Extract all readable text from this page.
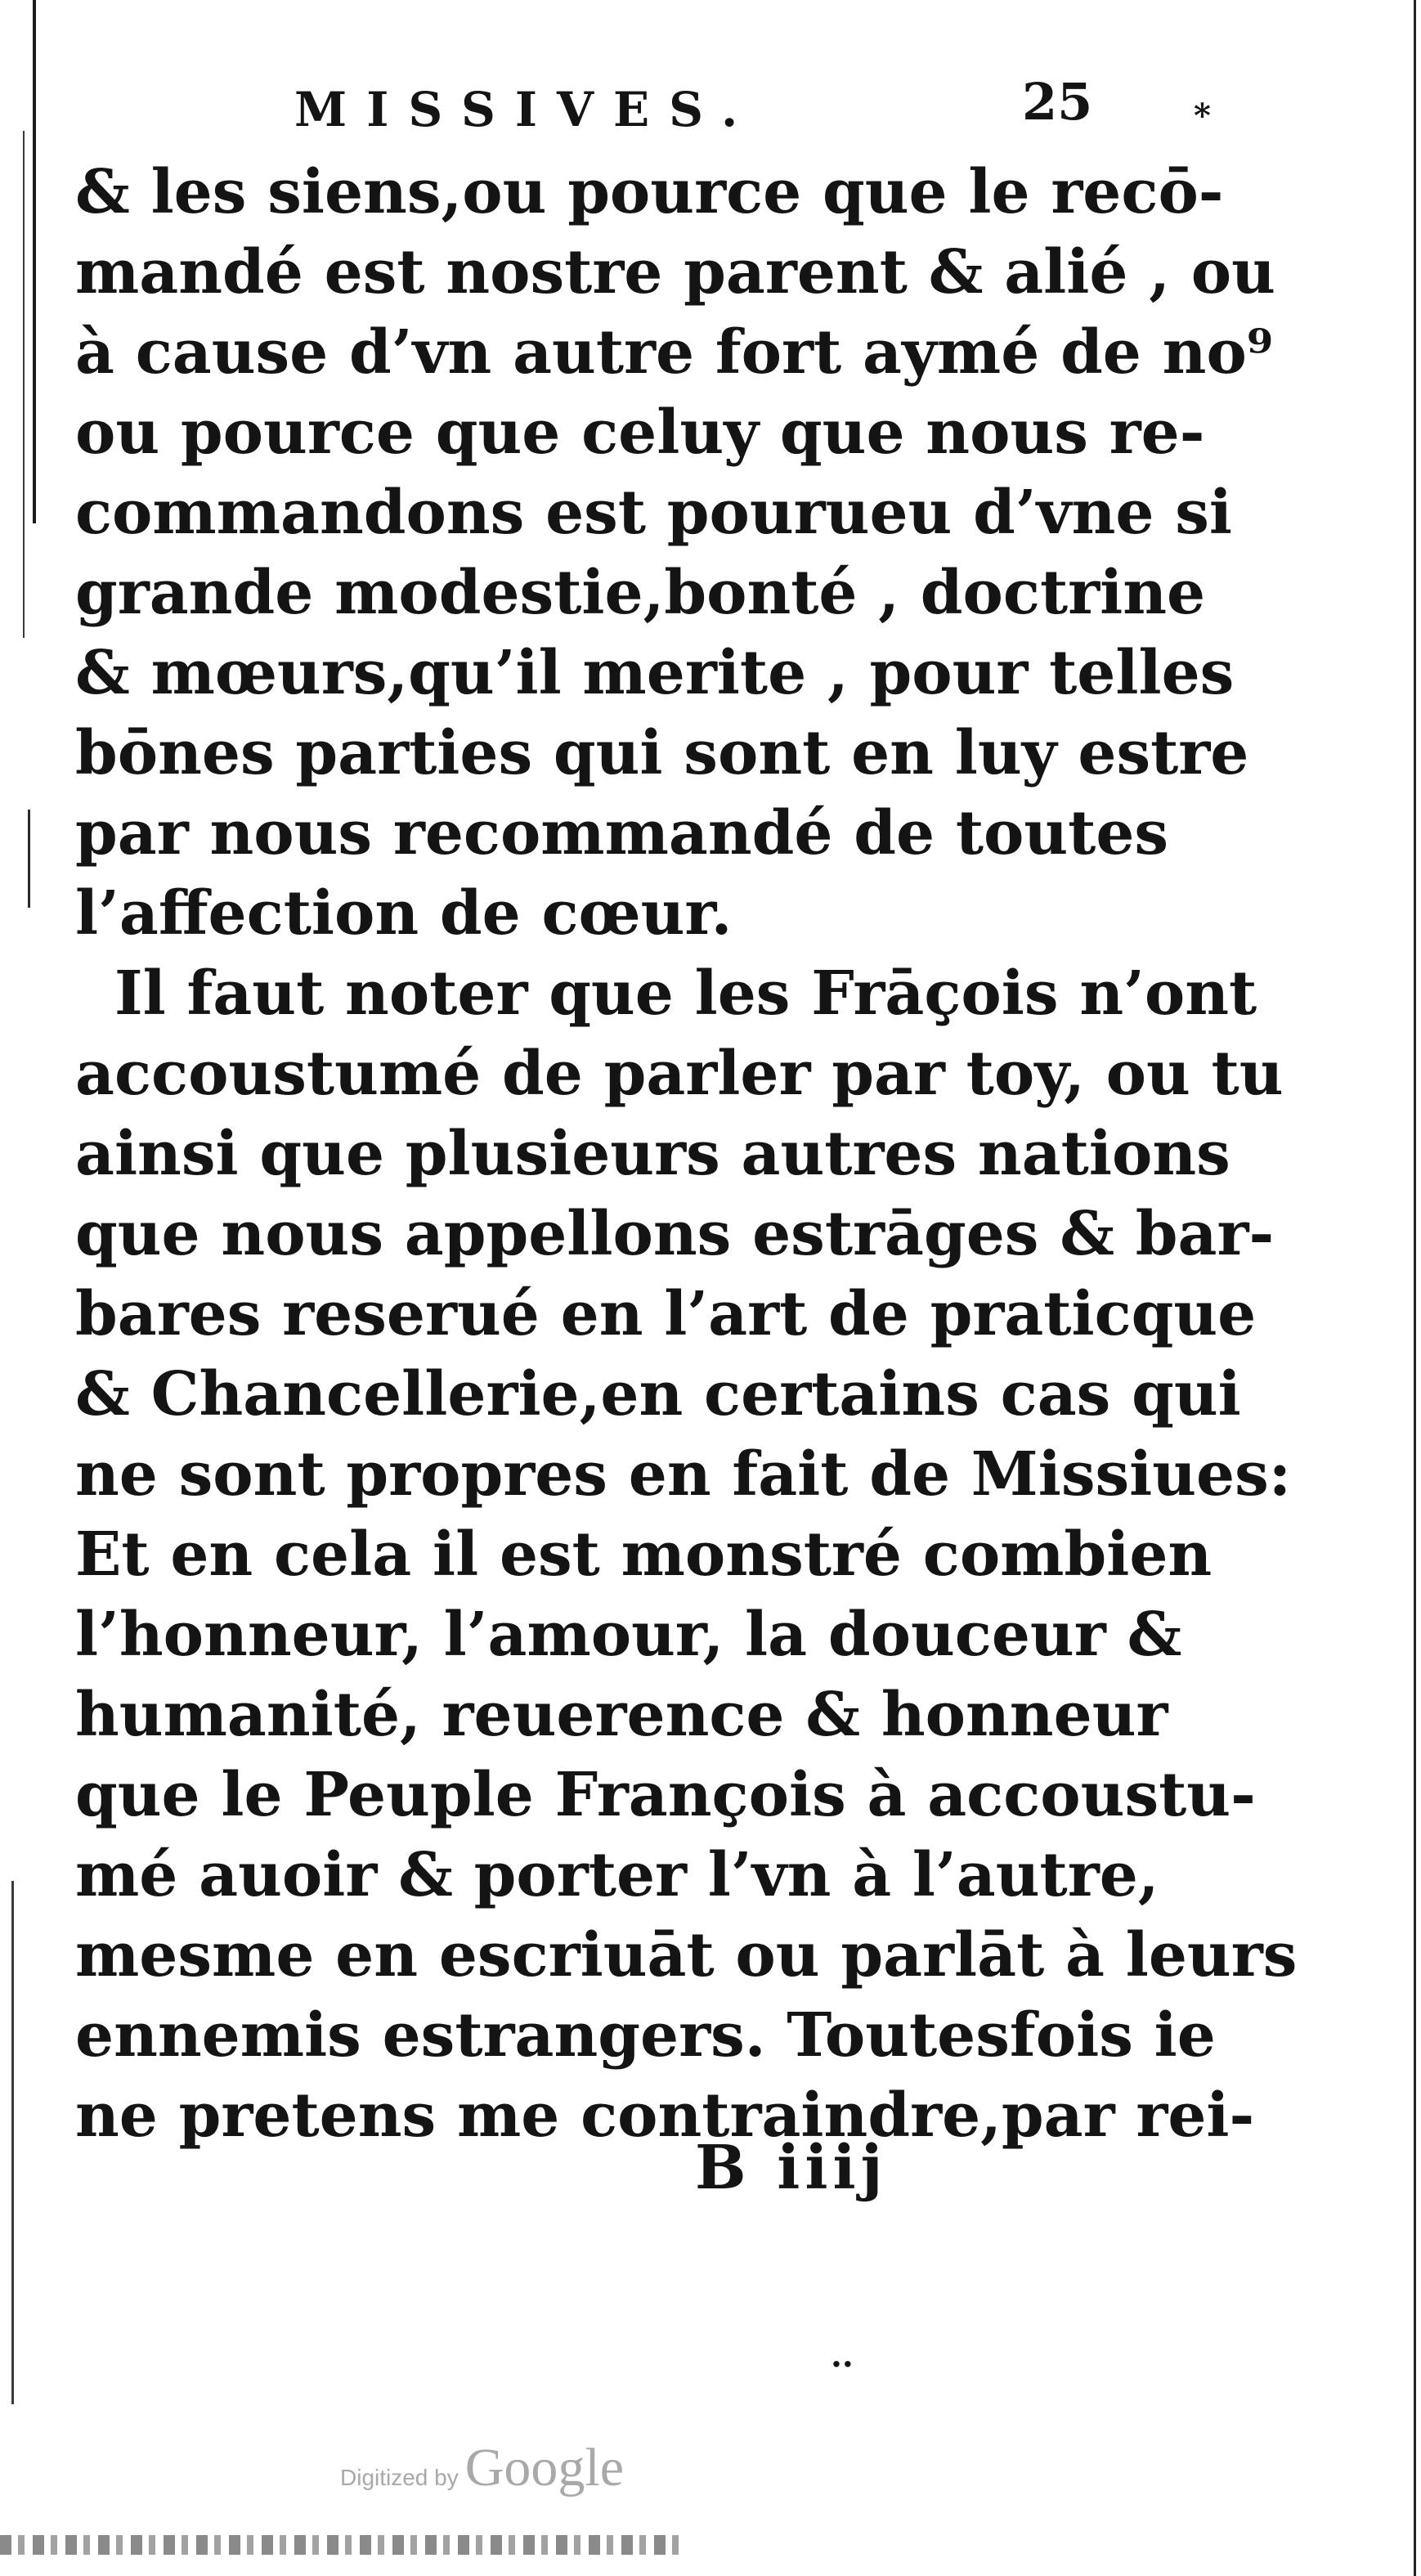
MISSIVES.	25	*
& les siens,ou pource que le recō-
mandé est nostre parent & alié , ou
à cause d’vn autre fort aymé de no⁹
ou pource que celuy que nous re-
commandons est pourueu d’vne si
grande modestie,bonté , doctrine
& mœurs,qu’il merite , pour telles
bōnes parties qui sont en luy estre
par nous recommandé de toutes
l’affection de cœur.
Il faut noter que les Frāçois n’ont
accoustumé de parler par toy, ou tu
ainsi que plusieurs autres nations
que nous appellons estrāges & bar-
bares reserué en l’art de praticque
& Chancellerie,en certains cas qui
ne sont propres en fait de Missiues:
Et en cela il est monstré combien
l’honneur, l’amour, la douceur &
humanité, reuerence & honneur
que le Peuple François à accoustu-
mé auoir & porter l’vn à l’autre,
mesme en escriuāt ou parlāt à leurs
ennemis estrangers. Toutesfois ie
ne pretens me contraindre,par rei-
B iiij
··
Digitized by Google
